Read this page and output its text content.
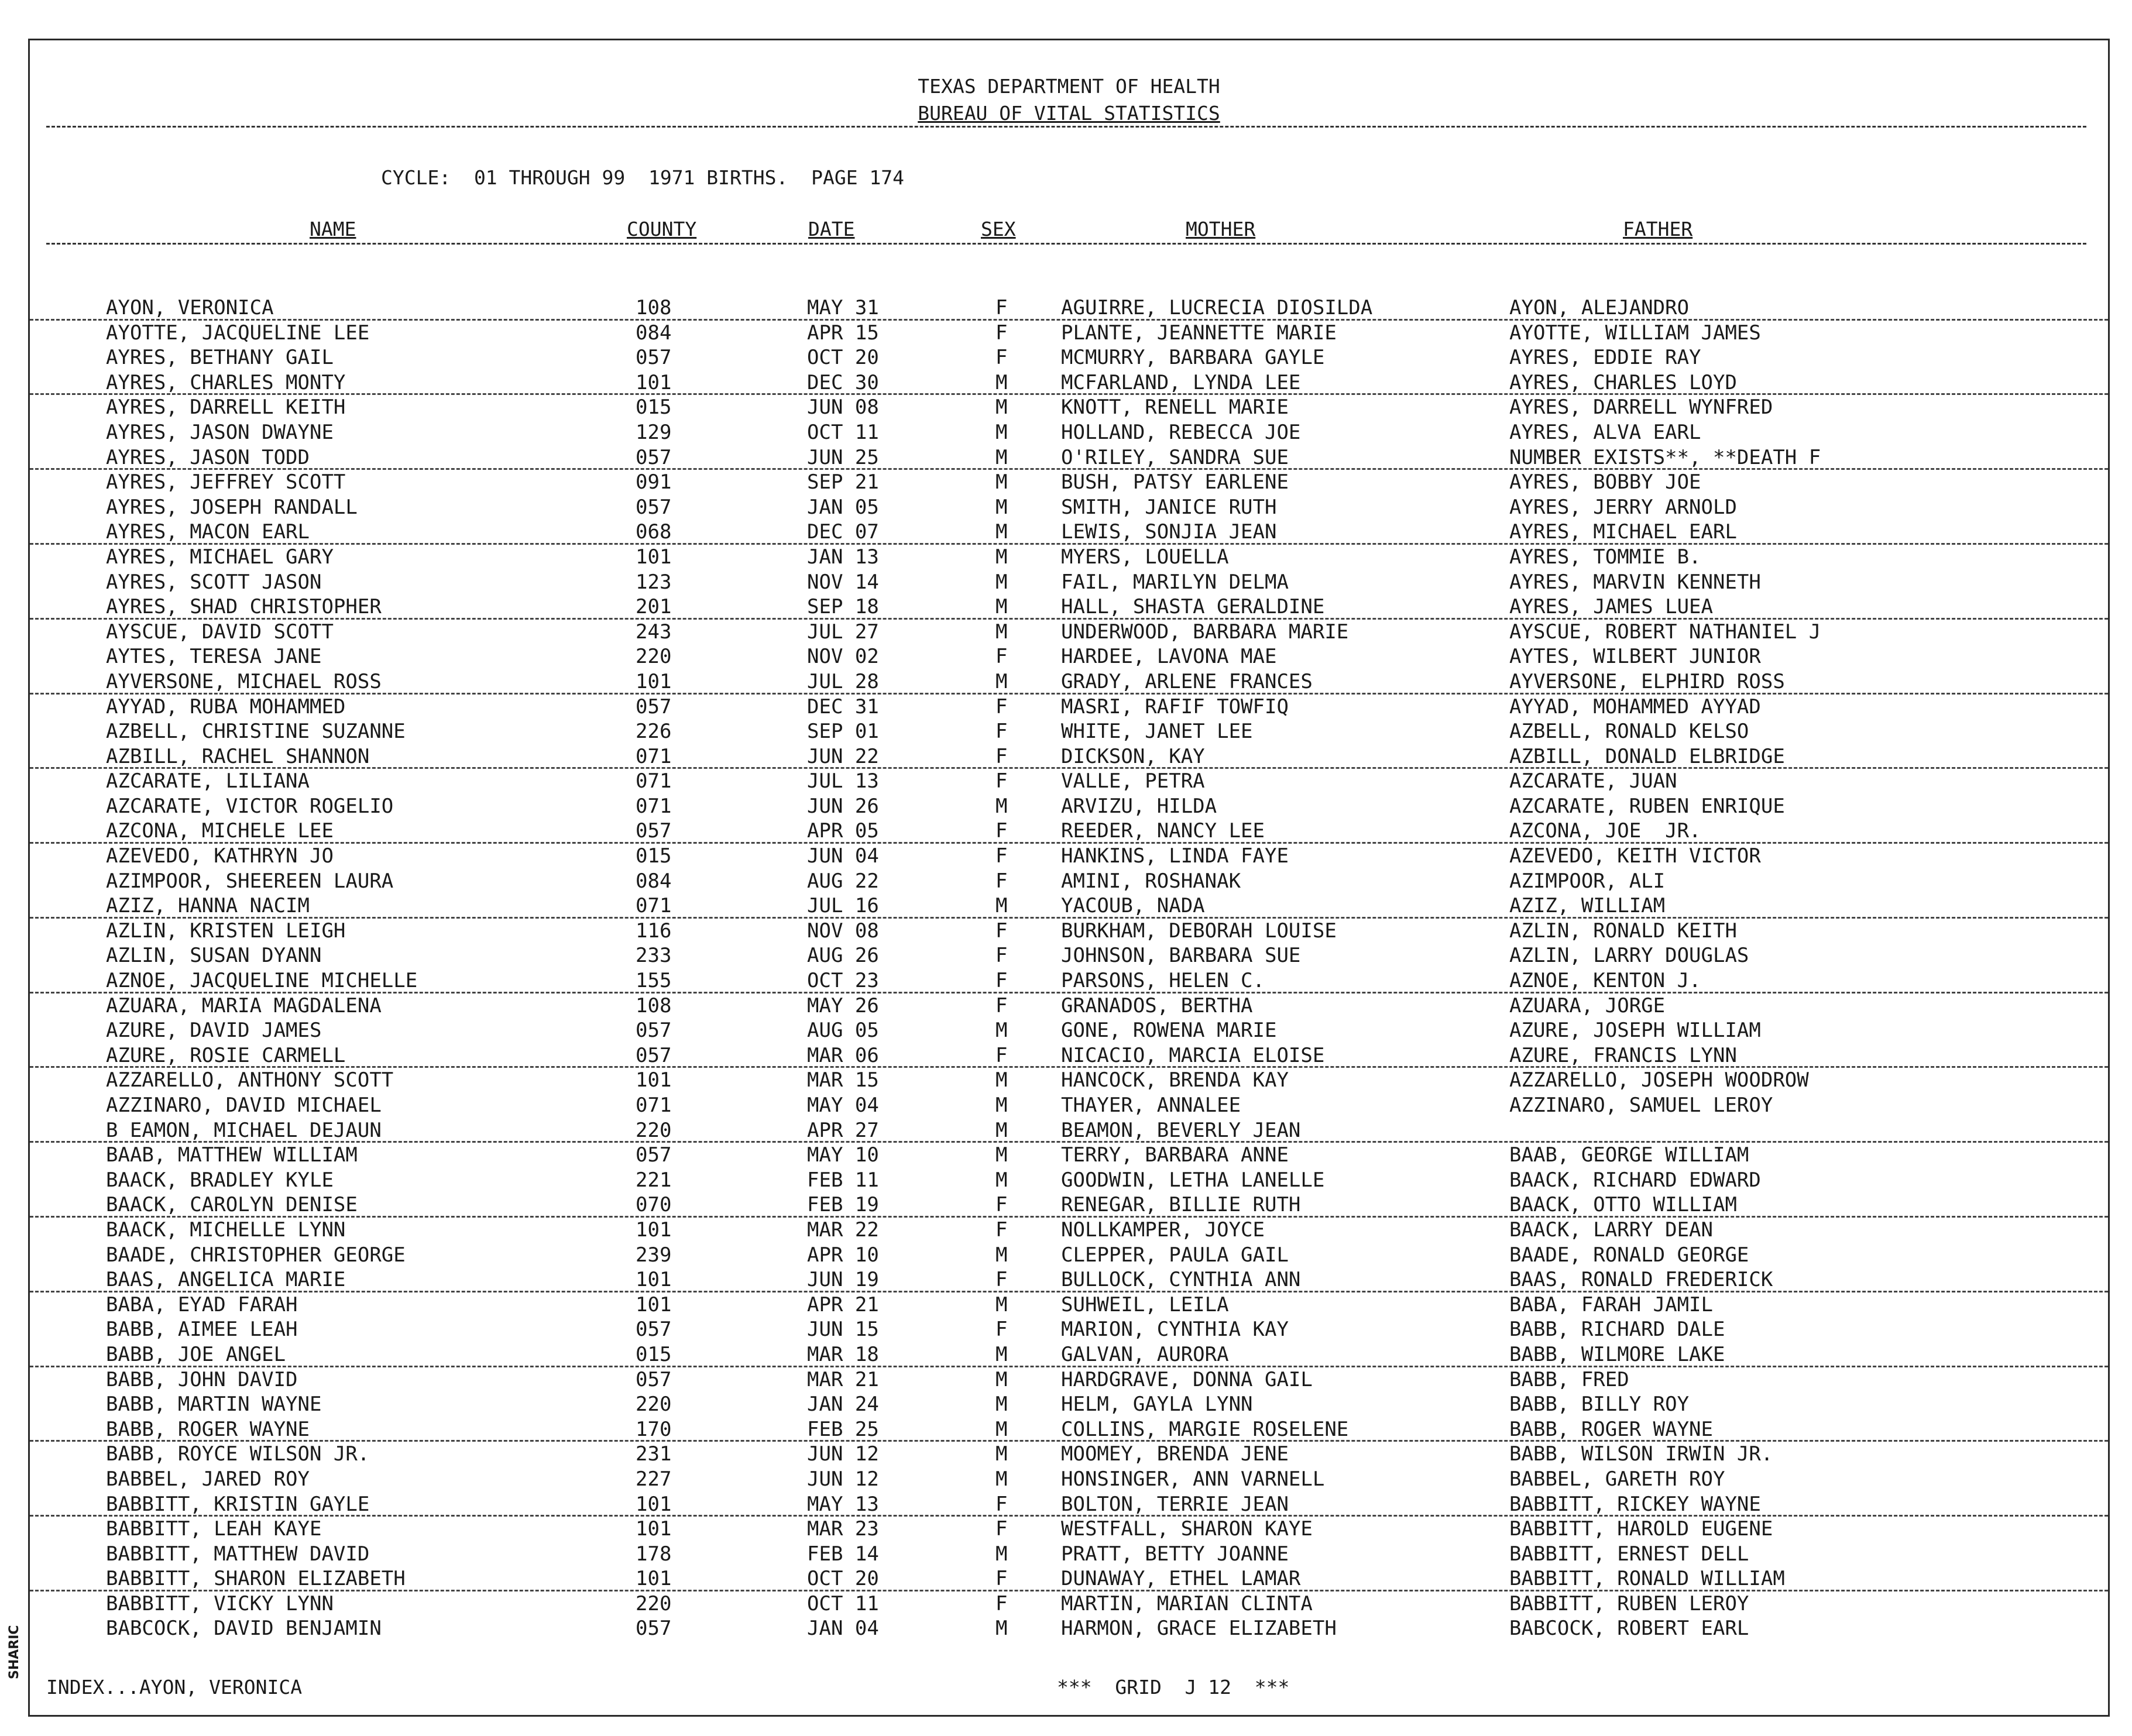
TEXAS DEPARTMENT OF HEALTH
BUREAU OF VITAL STATISTICS
CYCLE:  01 THROUGH 99  1971 BIRTHS.  PAGE 174
NAME	COUNTY	DATE	SEX	MOTHER	FATHER
AYON, VERONICA	108	MAY 31	F	AGUIRRE, LUCRECIA DIOSILDA	AYON, ALEJANDRO
AYOTTE, JACQUELINE LEE	084	APR 15	F	PLANTE, JEANNETTE MARIE	AYOTTE, WILLIAM JAMES
AYRES, BETHANY GAIL	057	OCT 20	F	MCMURRY, BARBARA GAYLE	AYRES, EDDIE RAY
AYRES, CHARLES MONTY	101	DEC 30	M	MCFARLAND, LYNDA LEE	AYRES, CHARLES LOYD
AYRES, DARRELL KEITH	015	JUN 08	M	KNOTT, RENELL MARIE	AYRES, DARRELL WYNFRED
AYRES, JASON DWAYNE	129	OCT 11	M	HOLLAND, REBECCA JOE	AYRES, ALVA EARL
AYRES, JASON TODD	057	JUN 25	M	O'RILEY, SANDRA SUE	NUMBER EXISTS**, **DEATH F
AYRES, JEFFREY SCOTT	091	SEP 21	M	BUSH, PATSY EARLENE	AYRES, BOBBY JOE
AYRES, JOSEPH RANDALL	057	JAN 05	M	SMITH, JANICE RUTH	AYRES, JERRY ARNOLD
AYRES, MACON EARL	068	DEC 07	M	LEWIS, SONJIA JEAN	AYRES, MICHAEL EARL
AYRES, MICHAEL GARY	101	JAN 13	M	MYERS, LOUELLA	AYRES, TOMMIE B.
AYRES, SCOTT JASON	123	NOV 14	M	FAIL, MARILYN DELMA	AYRES, MARVIN KENNETH
AYRES, SHAD CHRISTOPHER	201	SEP 18	M	HALL, SHASTA GERALDINE	AYRES, JAMES LUEA
AYSCUE, DAVID SCOTT	243	JUL 27	M	UNDERWOOD, BARBARA MARIE	AYSCUE, ROBERT NATHANIEL J
AYTES, TERESA JANE	220	NOV 02	F	HARDEE, LAVONA MAE	AYTES, WILBERT JUNIOR
AYVERSONE, MICHAEL ROSS	101	JUL 28	M	GRADY, ARLENE FRANCES	AYVERSONE, ELPHIRD ROSS
AYYAD, RUBA MOHAMMED	057	DEC 31	F	MASRI, RAFIF TOWFIQ	AYYAD, MOHAMMED AYYAD
AZBELL, CHRISTINE SUZANNE	226	SEP 01	F	WHITE, JANET LEE	AZBELL, RONALD KELSO
AZBILL, RACHEL SHANNON	071	JUN 22	F	DICKSON, KAY	AZBILL, DONALD ELBRIDGE
AZCARATE, LILIANA	071	JUL 13	F	VALLE, PETRA	AZCARATE, JUAN
AZCARATE, VICTOR ROGELIO	071	JUN 26	M	ARVIZU, HILDA	AZCARATE, RUBEN ENRIQUE
AZCONA, MICHELE LEE	057	APR 05	F	REEDER, NANCY LEE	AZCONA, JOE  JR.
AZEVEDO, KATHRYN JO	015	JUN 04	F	HANKINS, LINDA FAYE	AZEVEDO, KEITH VICTOR
AZIMPOOR, SHEEREEN LAURA	084	AUG 22	F	AMINI, ROSHANAK	AZIMPOOR, ALI
AZIZ, HANNA NACIM	071	JUL 16	M	YACOUB, NADA	AZIZ, WILLIAM
AZLIN, KRISTEN LEIGH	116	NOV 08	F	BURKHAM, DEBORAH LOUISE	AZLIN, RONALD KEITH
AZLIN, SUSAN DYANN	233	AUG 26	F	JOHNSON, BARBARA SUE	AZLIN, LARRY DOUGLAS
AZNOE, JACQUELINE MICHELLE	155	OCT 23	F	PARSONS, HELEN C.	AZNOE, KENTON J.
AZUARA, MARIA MAGDALENA	108	MAY 26	F	GRANADOS, BERTHA	AZUARA, JORGE
AZURE, DAVID JAMES	057	AUG 05	M	GONE, ROWENA MARIE	AZURE, JOSEPH WILLIAM
AZURE, ROSIE CARMELL	057	MAR 06	F	NICACIO, MARCIA ELOISE	AZURE, FRANCIS LYNN
AZZARELLO, ANTHONY SCOTT	101	MAR 15	M	HANCOCK, BRENDA KAY	AZZARELLO, JOSEPH WOODROW
AZZINARO, DAVID MICHAEL	071	MAY 04	M	THAYER, ANNALEE	AZZINARO, SAMUEL LEROY
B EAMON, MICHAEL DEJAUN	220	APR 27	M	BEAMON, BEVERLY JEAN
BAAB, MATTHEW WILLIAM	057	MAY 10	M	TERRY, BARBARA ANNE	BAAB, GEORGE WILLIAM
BAACK, BRADLEY KYLE	221	FEB 11	M	GOODWIN, LETHA LANELLE	BAACK, RICHARD EDWARD
BAACK, CAROLYN DENISE	070	FEB 19	F	RENEGAR, BILLIE RUTH	BAACK, OTTO WILLIAM
BAACK, MICHELLE LYNN	101	MAR 22	F	NOLLKAMPER, JOYCE	BAACK, LARRY DEAN
BAADE, CHRISTOPHER GEORGE	239	APR 10	M	CLEPPER, PAULA GAIL	BAADE, RONALD GEORGE
BAAS, ANGELICA MARIE	101	JUN 19	F	BULLOCK, CYNTHIA ANN	BAAS, RONALD FREDERICK
BABA, EYAD FARAH	101	APR 21	M	SUHWEIL, LEILA	BABA, FARAH JAMIL
BABB, AIMEE LEAH	057	JUN 15	F	MARION, CYNTHIA KAY	BABB, RICHARD DALE
BABB, JOE ANGEL	015	MAR 18	M	GALVAN, AURORA	BABB, WILMORE LAKE
BABB, JOHN DAVID	057	MAR 21	M	HARDGRAVE, DONNA GAIL	BABB, FRED
BABB, MARTIN WAYNE	220	JAN 24	M	HELM, GAYLA LYNN	BABB, BILLY ROY
BABB, ROGER WAYNE	170	FEB 25	M	COLLINS, MARGIE ROSELENE	BABB, ROGER WAYNE
BABB, ROYCE WILSON JR.	231	JUN 12	M	MOOMEY, BRENDA JENE	BABB, WILSON IRWIN JR.
BABBEL, JARED ROY	227	JUN 12	M	HONSINGER, ANN VARNELL	BABBEL, GARETH ROY
BABBITT, KRISTIN GAYLE	101	MAY 13	F	BOLTON, TERRIE JEAN	BABBITT, RICKEY WAYNE
BABBITT, LEAH KAYE	101	MAR 23	F	WESTFALL, SHARON KAYE	BABBITT, HAROLD EUGENE
BABBITT, MATTHEW DAVID	178	FEB 14	M	PRATT, BETTY JOANNE	BABBITT, ERNEST DELL
BABBITT, SHARON ELIZABETH	101	OCT 20	F	DUNAWAY, ETHEL LAMAR	BABBITT, RONALD WILLIAM
BABBITT, VICKY LYNN	220	OCT 11	F	MARTIN, MARIAN CLINTA	BABBITT, RUBEN LEROY
BABCOCK, DAVID BENJAMIN	057	JAN 04	M	HARMON, GRACE ELIZABETH	BABCOCK, ROBERT EARL
INDEX...AYON, VERONICA	***  GRID  J 12  ***
SHARIC
